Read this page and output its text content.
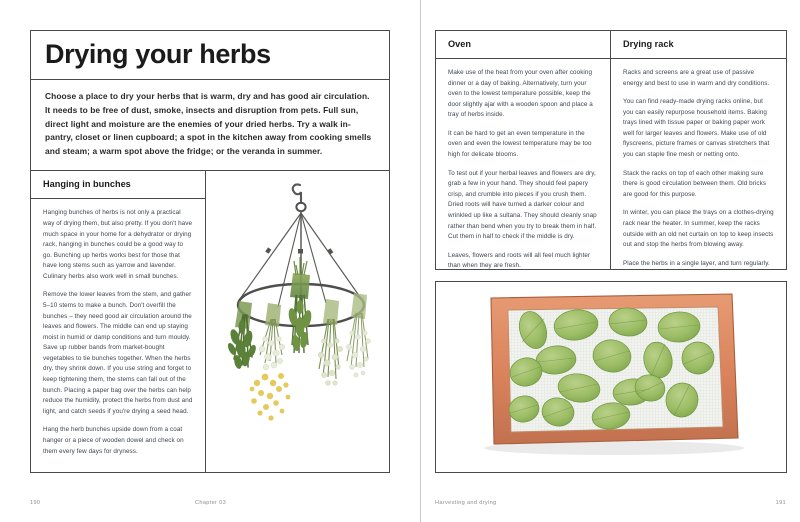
Drying your herbs

Choose a place to dry your herbs that is warm, dry and has good air circulation. It needs to be free of dust, smoke, insects and disruption from pets. Full sun, direct light and moisture are the enemies of your dried herbs. Try a walk in-pantry, closet or linen cupboard; a spot in the kitchen away from cooking smells and steam; a warm spot above the fridge; or the veranda in summer.

Hanging in bunches

Hanging bunches of herbs is not only a practical way of drying them, but also pretty. If you don't have much space in your home for a dehydrator or drying rack, hanging in bunches could be a good way to go. Bunching up herbs works best for those that have long stems such as yarrow and lavender. Culinary herbs also work well in small bunches.

Remove the lower leaves from the stem, and gather 5–10 stems to make a bunch. Don't overfill the bunches – they need good air circulation around the leaves and flowers. The middle can end up staying moist in humid or damp conditions and turn mouldy. Save up rubber bands from market-bought vegetables to tie bunches together. When the herbs dry, they shrink down. If you use string and forget to keep tightening them, the stems can fall out of the bunch. Placing a paper bag over the herbs can help reduce the humidity, protect the herbs from dust and light, and catch seeds if you're drying a seed head.

Hang the herb bunches upside down from a coat hanger or a piece of wooden dowel and check on them every few days for dryness.

190	Chapter 03
Oven

Make use of the heat from your oven after cooking dinner or a day of baking. Alternatively, turn your oven to the lowest temperature possible, keep the door slightly ajar with a wooden spoon and place a tray of herbs inside.

It can be hard to get an even temperature in the oven and even the lowest temperature may be too high for delicate blooms.

To test out if your herbal leaves and flowers are dry, grab a few in your hand. They should feel papery crisp, and crumble into pieces if you crush them. Dried roots will have turned a darker colour and wrinkled up like a sultana. They should cleanly snap rather than bend when you try to break them in half. Cut them in half to check if the middle is dry.

Leaves, flowers and roots will all feel much lighter than when they are fresh.

Drying rack

Racks and screens are a great use of passive energy and best to use in warm and dry conditions.

You can find ready-made drying racks online, but you can easily repurpose household items. Baking trays lined with tissue paper or baking paper work well for larger leaves and flowers. Make use of old flyscreens, picture frames or canvas stretchers that you can staple fine mesh or netting onto.

Stack the racks on top of each other making sure there is good circulation between them. Old bricks are good for this purpose.

In winter, you can place the trays on a clothes-drying rack near the heater. In summer, keep the racks outside with an old net curtain on top to keep insects out and stop the herbs from blowing away.

Place the herbs in a single layer, and turn regularly.

Harvesting and drying	191
